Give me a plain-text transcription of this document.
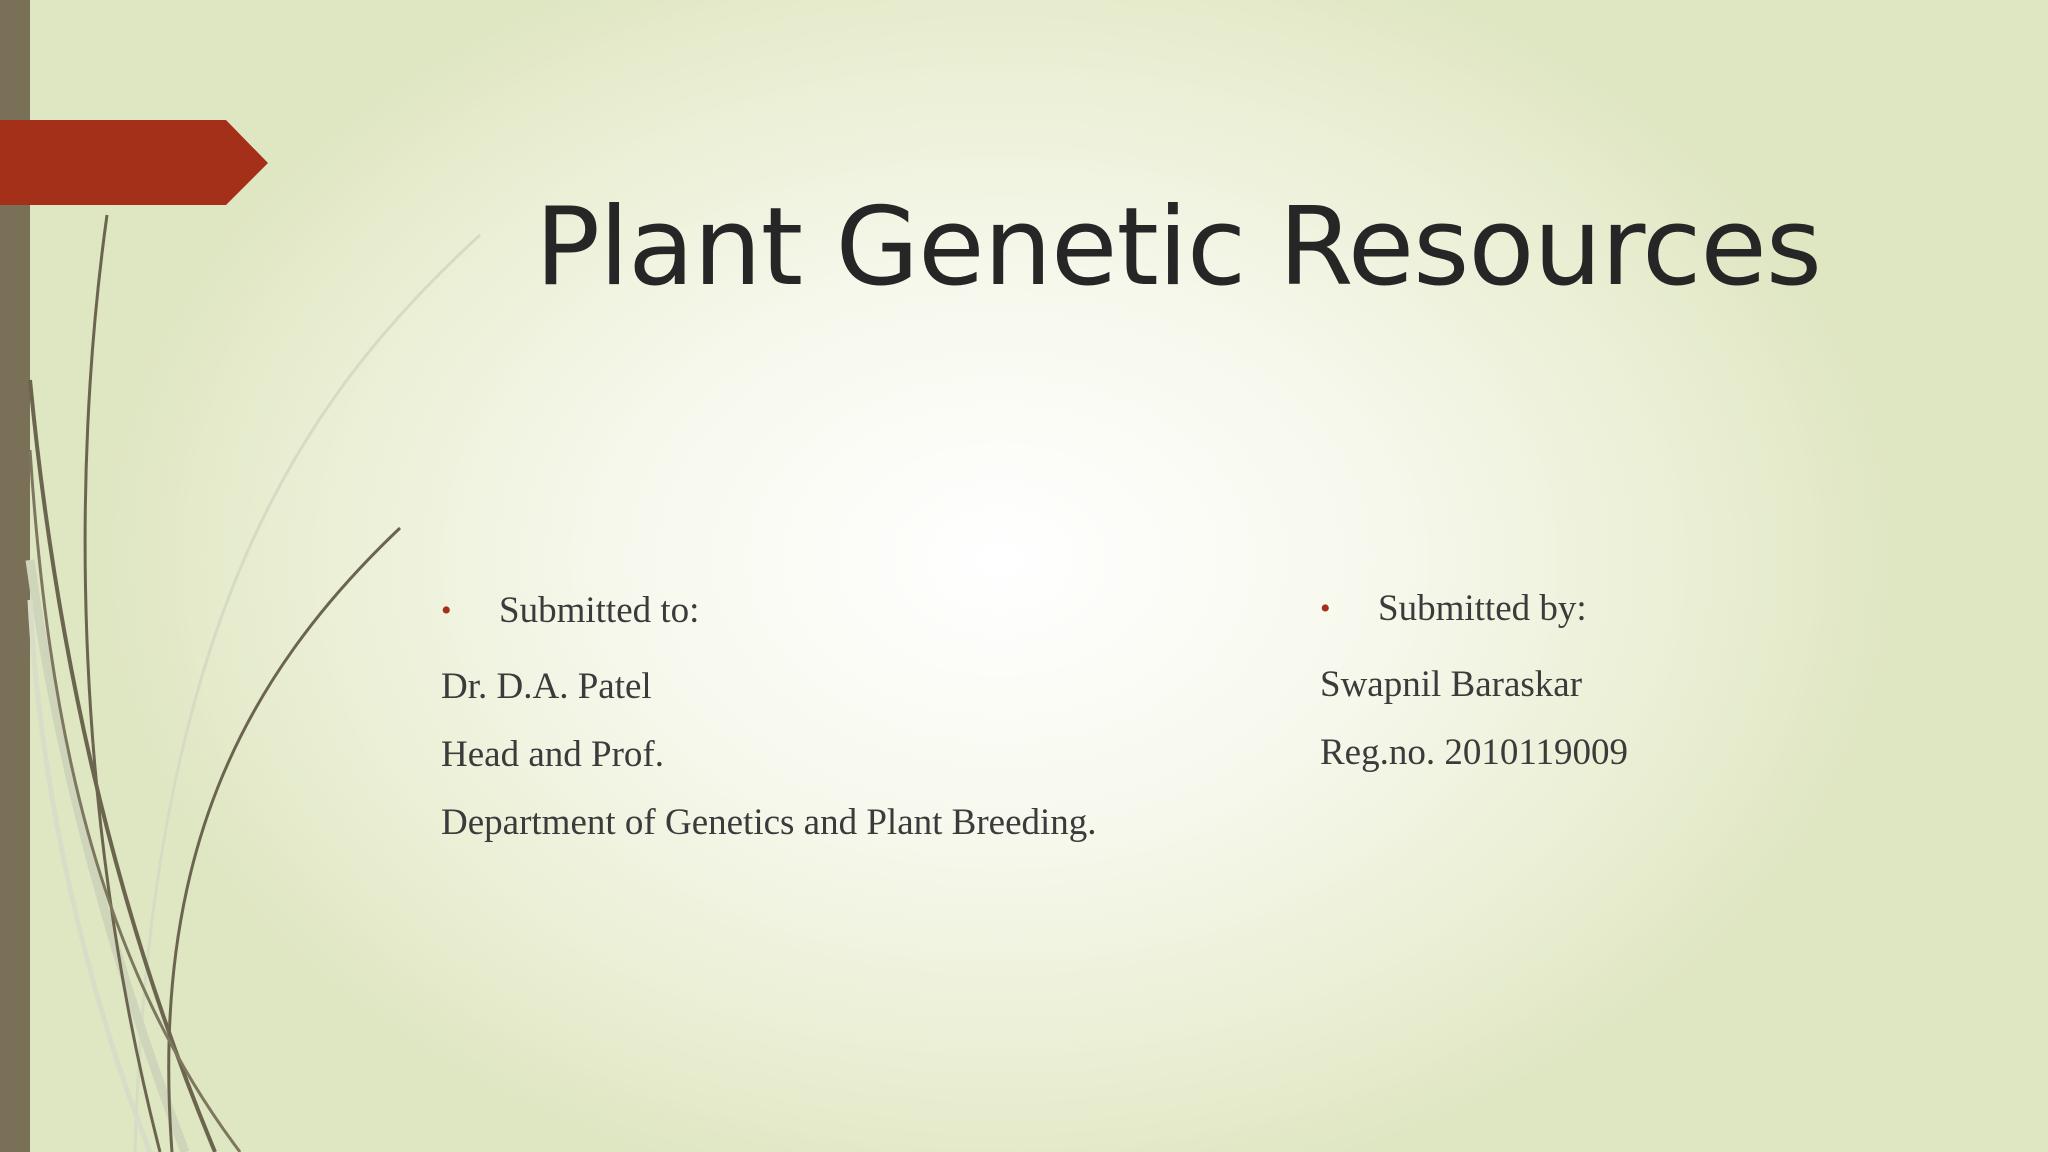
Plant Genetic Resources
• Submitted to:
Dr. D.A. Patel
Head and Prof.
Department of Genetics and Plant Breeding.
• Submitted by:
Swapnil Baraskar
Reg.no. 2010119009
